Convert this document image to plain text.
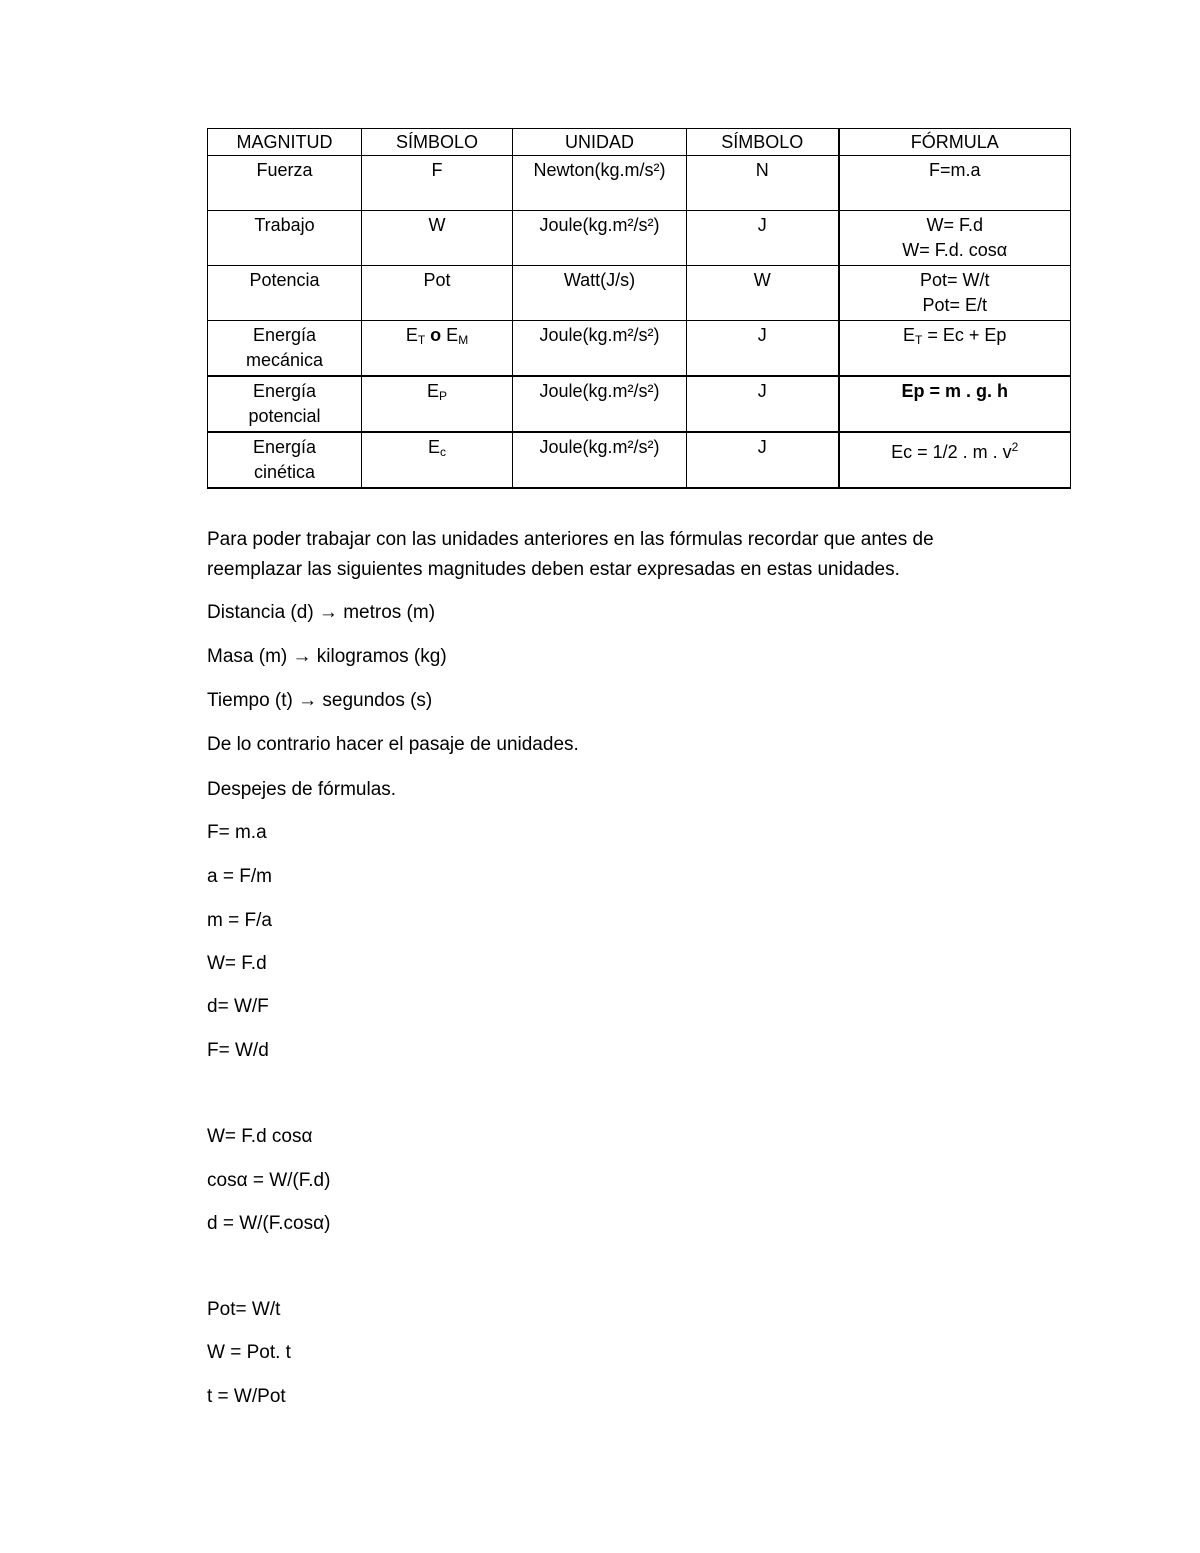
MAGNITUD	SÍMBOLO	UNIDAD	SÍMBOLO	FÓRMULA
Fuerza	F	Newton(kg.m/s²)	N	F=m.a

Trabajo	W	Joule(kg.m²/s²)	J	W= F.d
W= F.d. cosα

Potencia	Pot	Watt(J/s)	W	Pot= W/t
Pot= E/t

Energía
mecánica	$E_T$ o $E_M$	Joule(kg.m²/s²)	J	$E_T = Ec + Ep$

Energía
potencial	$E_P$	Joule(kg.m²/s²)	J	Ep = m . g. h

Energía
cinética	$E_c$	Joule(kg.m²/s²)	J	Ec = 1/2 . m . $v^2$
Para poder trabajar con las unidades anteriores en las fórmulas recordar que antes de
reemplazar las siguientes magnitudes deben estar expresadas en estas unidades.
Distancia (d) → metros (m)
Masa (m) → kilogramos (kg)
Tiempo (t) → segundos (s)
De lo contrario hacer el pasaje de unidades.
Despejes de fórmulas.
F= m.a
a = F/m
m = F/a
W= F.d
d= W/F
F= W/d
W= F.d cosα
cosα = W/(F.d)
d = W/(F.cosα)
Pot= W/t
W = Pot. t
t = W/Pot
